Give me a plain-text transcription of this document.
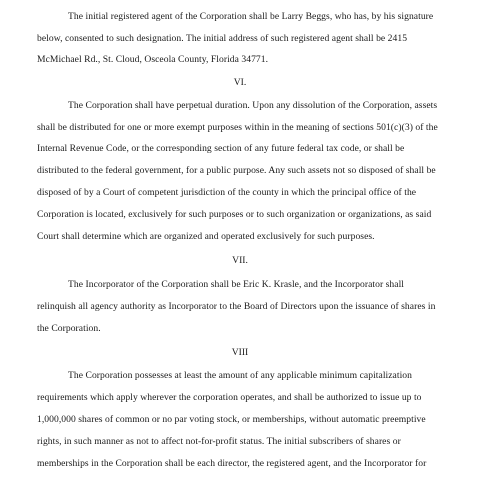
The initial registered agent of the Corporation shall be Larry Beggs, who has, by his signature
below, consented to such designation. The initial address of such registered agent shall be 2415
McMichael Rd., St. Cloud, Osceola County, Florida 34771.
VI.
The Corporation shall have perpetual duration. Upon any dissolution of the Corporation, assets
shall be distributed for one or more exempt purposes within in the meaning of sections 501(c)(3) of the
Internal Revenue Code, or the corresponding section of any future federal tax code, or shall be
distributed to the federal government, for a public purpose. Any such assets not so disposed of shall be
disposed of by a Court of competent jurisdiction of the county in which the principal office of the
Corporation is located, exclusively for such purposes or to such organization or organizations, as said
Court shall determine which are organized and operated exclusively for such purposes.
VII.
The Incorporator of the Corporation shall be Eric K. Krasle, and the Incorporator shall
relinquish all agency authority as Incorporator to the Board of Directors upon the issuance of shares in
the Corporation.
VIII
The Corporation possesses at least the amount of any applicable minimum capitalization
requirements which apply wherever the corporation operates, and shall be authorized to issue up to
1,000,000 shares of common or no par voting stock, or memberships, without automatic preemptive
rights, in such manner as not to affect not-for-profit status. The initial subscribers of shares or
memberships in the Corporation shall be each director, the registered agent, and the Incorporator for
